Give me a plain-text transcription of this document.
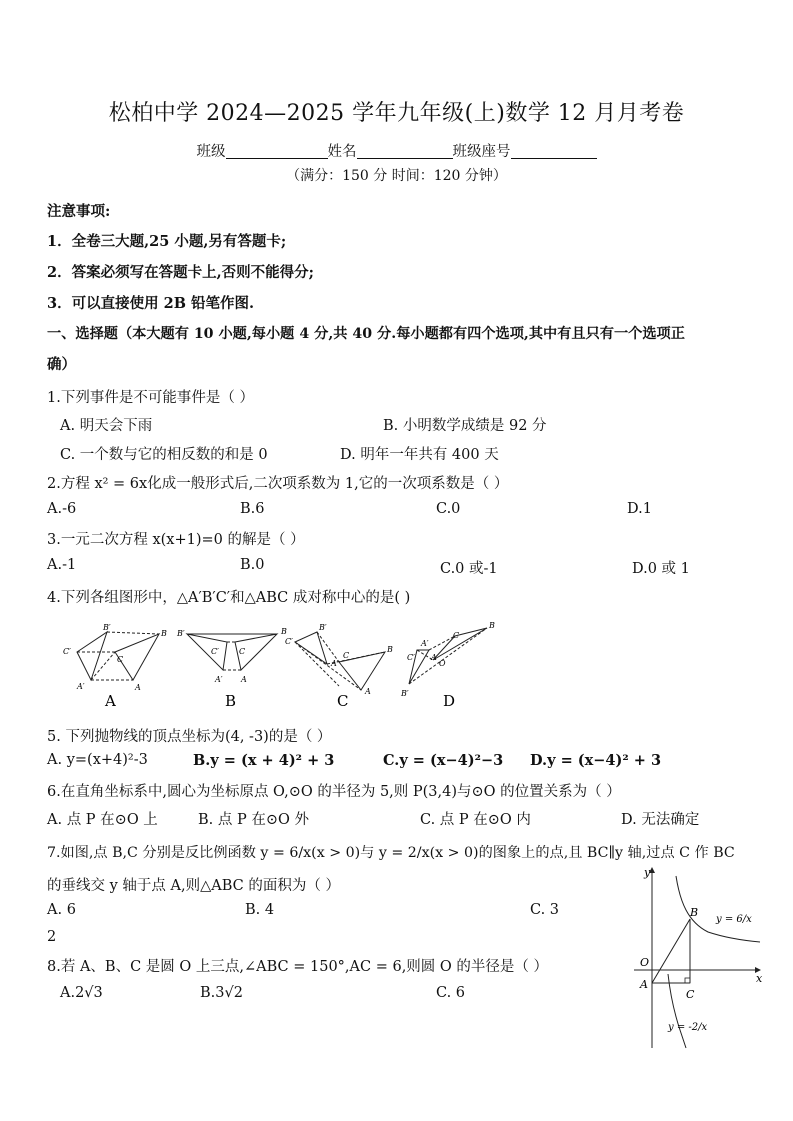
松柏中学 2024—2025 学年九年级(上)数学 12 月月考卷
班级	姓名	班级座号
（满分：150 分 时间：120 分钟）
注意事项:
1．全卷三大题,25 小题,另有答题卡;
2．答案必须写在答题卡上,否则不能得分;
3．可以直接使用 2B 铅笔作图.
一、选择题（本大题有 10 小题,每小题 4 分,共 40 分.每小题都有四个选项,其中有且只有一个选项正
确）
1.下列事件是不可能事件是（ ）
A. 明天会下雨	B. 小明数学成绩是 92 分
C. 一个数与它的相反数的和是 0	D. 明年一年共有 400 天
2.方程 x² = 6x化成一般形式后,二次项系数为 1,它的一次项系数是（ ）
A.-6	B.6	C.0	D.1
3.一元二次方程 x(x+1)=0 的解是（ ）
A.-1	B.0	C.0 或-1	D.0 或 1
4.下列各组图形中，△A′B′C′和△ABC 成对称中心的是( )
C′
B′
A′
C
B
A
A
B′
C′
A′
C
B
A
B
C′
B′
A′
C
B
A
C
A′
C′
B′
O
C
B
A
D
5. 下列抛物线的顶点坐标为(4, -3)的是（ ）
A. y=(x+4)²-3	B.y = (x + 4)² + 3	C.y = (x−4)²−3 D.y = (x−4)² + 3
6.在直角坐标系中,圆心为坐标原点 O,⊙O 的半径为 5,则 P(3,4)与⊙O 的位置关系为（ ）
A. 点 P 在⊙O 上	B. 点 P 在⊙O 外	C. 点 P 在⊙O 内	D. 无法确定
7.如图,点 B,C 分别是反比例函数 y = 6/x(x > 0)与 y = 2/x(x > 0)的图象上的点,且 BC∥y 轴,过点 C 作 BC
的垂线交 y 轴于点 A,则△ABC 的面积为（ ）
A. 6	B. 4	C. 3
2
y
x
O
A
B
C
y = 6/x
y = -2/x
8.若 A、B、C 是圆 O 上三点,∠ABC = 150°,AC = 6,则圆 O 的半径是（ ）
A.2√3	B.3√2	C. 6
